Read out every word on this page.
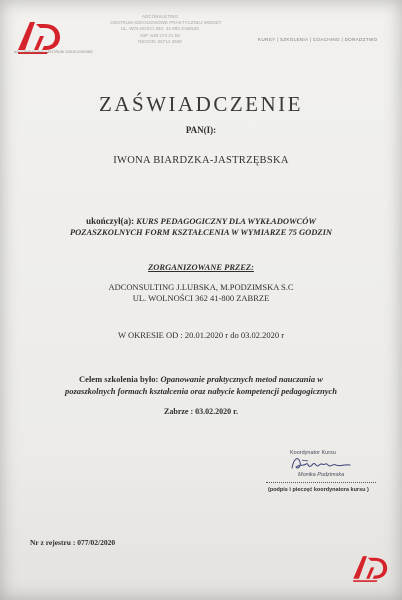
ADCONSULTING CENTRUM SZKOLENIOWE
ADCONSULTING
CENTRUM SZKOLENIOWE PRAKTYCZNEJ WIEDZY
UL. WOLNOŚCI 362, 41-800 ZABRZE
NIP: 648 273 21 58
REGON: 36714 2508	KURSY | SZKOLENIA | COACHING | DORADZTWO
ZAŚWIADCZENIE
PAN(I):
IWONA BIARDZKA-JASTRZĘBSKA
ukończył(a): KURS PEDAGOGICZNY DLA WYKŁADOWCÓW
POZASZKOLNYCH FORM KSZTAŁCENIA W WYMIARZE 75 GODZIN
ZORGANIZOWANE PRZEZ:
ADCONSULTING J.LUBSKA, M.PODZIMSKA S.C
UL. WOLNOŚCI 362 41-800 ZABRZE
W OKRESIE OD : 20.01.2020 r do 03.02.2020 r
Celem szkolenia było: Opanowanie praktycznych metod nauczania w
pozaszkolnych formach kształcenia oraz nabycie kompetencji pedagogicznych
Zabrze : 03.02.2020 r.
Koordynator Kursu
Monika Podzimska
(podpis i pieczęć koordynatora kursu )
Nr z rejestru : 077/02/2020
